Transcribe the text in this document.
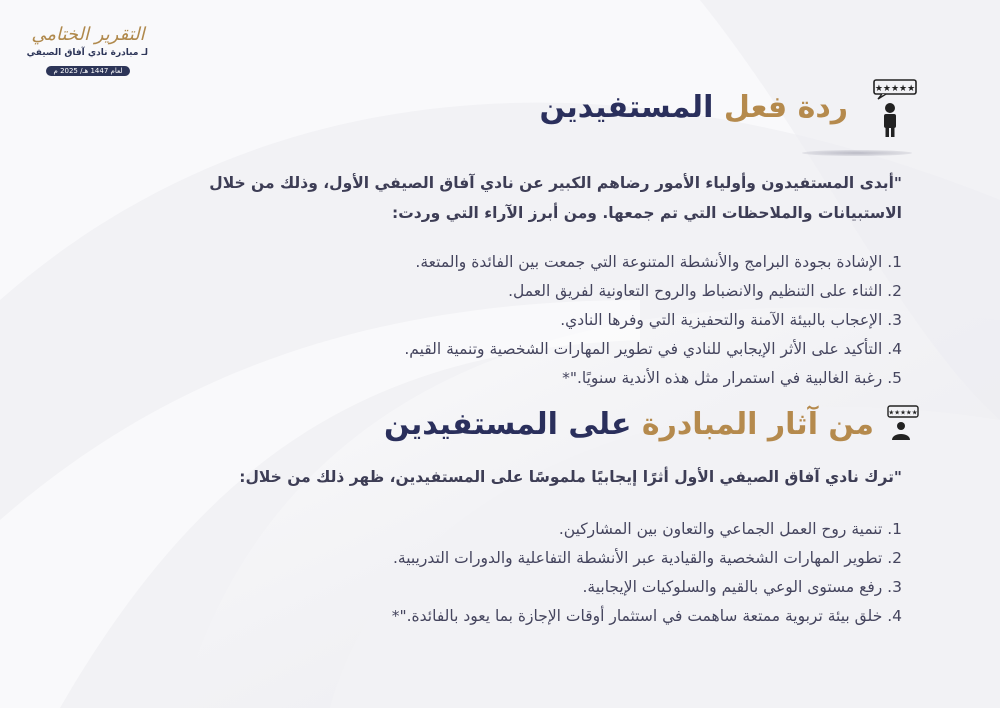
التقرير الختامي
لـ مبادرة نادي آفاق الصيفي
لعام 1447 هـ/ 2025 م
★★★★★
ردة فعل المستفيدين

"أبدى المستفيدون وأولياء الأمور رضاهم الكبير عن نادي آفاق الصيفي الأول، وذلك من خلال الاستبيانات والملاحظات التي تم جمعها. ومن أبرز الآراء التي وردت:

1. الإشادة بجودة البرامج والأنشطة المتنوعة التي جمعت بين الفائدة والمتعة.
2. الثناء على التنظيم والانضباط والروح التعاونية لفريق العمل.
3. الإعجاب بالبيئة الآمنة والتحفيزية التي وفرها النادي.
4. التأكيد على الأثر الإيجابي للنادي في تطوير المهارات الشخصية وتنمية القيم.
5. رغبة الغالبية في استمرار مثل هذه الأندية سنويًا."*
★★★★★
من آثار المبادرة على المستفيدين

"ترك نادي آفاق الصيفي الأول أثرًا إيجابيًا ملموسًا على المستفيدين، ظهر ذلك من خلال:

1. تنمية روح العمل الجماعي والتعاون بين المشاركين.
2. تطوير المهارات الشخصية والقيادية عبر الأنشطة التفاعلية والدورات التدريبية.
3. رفع مستوى الوعي بالقيم والسلوكيات الإيجابية.
4. خلق بيئة تربوية ممتعة ساهمت في استثمار أوقات الإجازة بما يعود بالفائدة."*
